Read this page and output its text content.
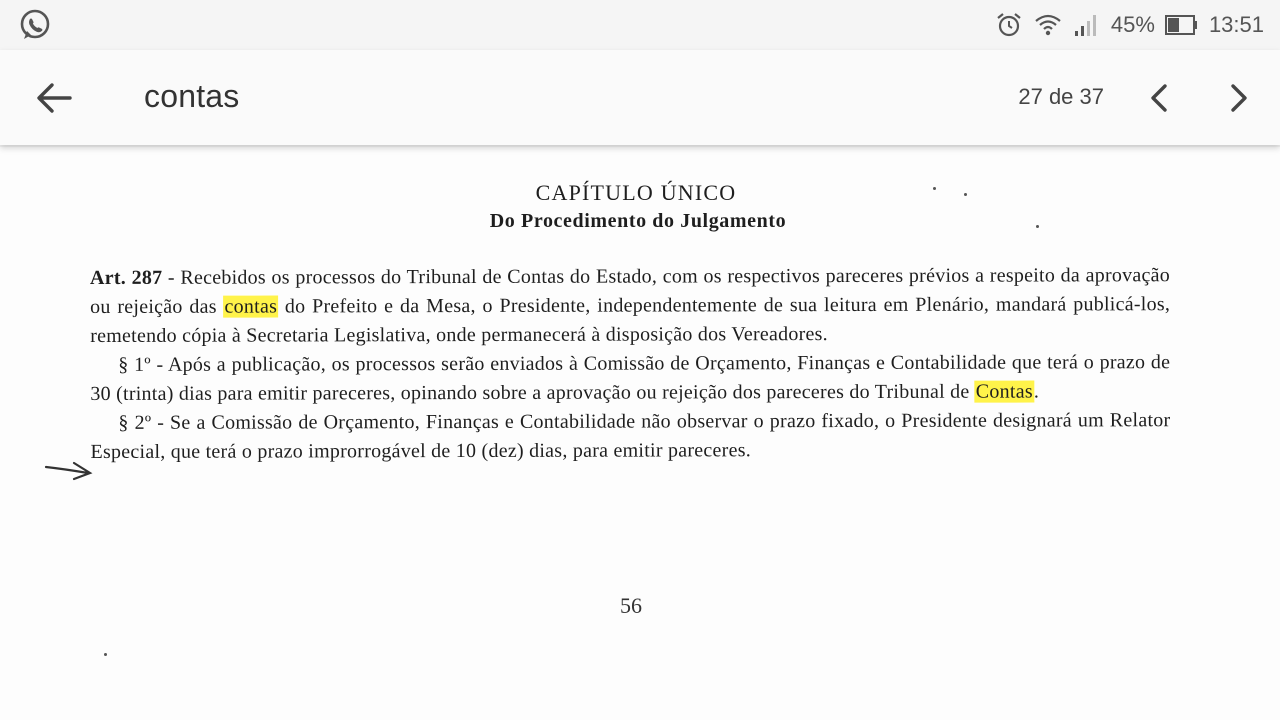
45% 13:51
contas	27 de 37
CAPÍTULO ÚNICO
Do Procedimento do Julgamento

Art. 287 - Recebidos os processos do Tribunal de Contas do Estado, com os respectivos pareceres prévios a respeito da aprovação ou rejeição das contas do Prefeito e da Mesa, o Presidente, independentemente de sua leitura em Plenário, mandará publicá-los, remetendo cópia à Secretaria Legislativa, onde permanecerá à disposição dos Vereadores.

§ 1º - Após a publicação, os processos serão enviados à Comissão de Orçamento, Finanças e Contabilidade que terá o prazo de 30 (trinta) dias para emitir pareceres, opinando sobre a aprovação ou rejeição dos pareceres do Tribunal de Contas.

§ 2º - Se a Comissão de Orçamento, Finanças e Contabilidade não observar o prazo fixado, o Presidente designará um Relator Especial, que terá o prazo improrrogável de 10 (dez) dias, para emitir pareceres.

56
